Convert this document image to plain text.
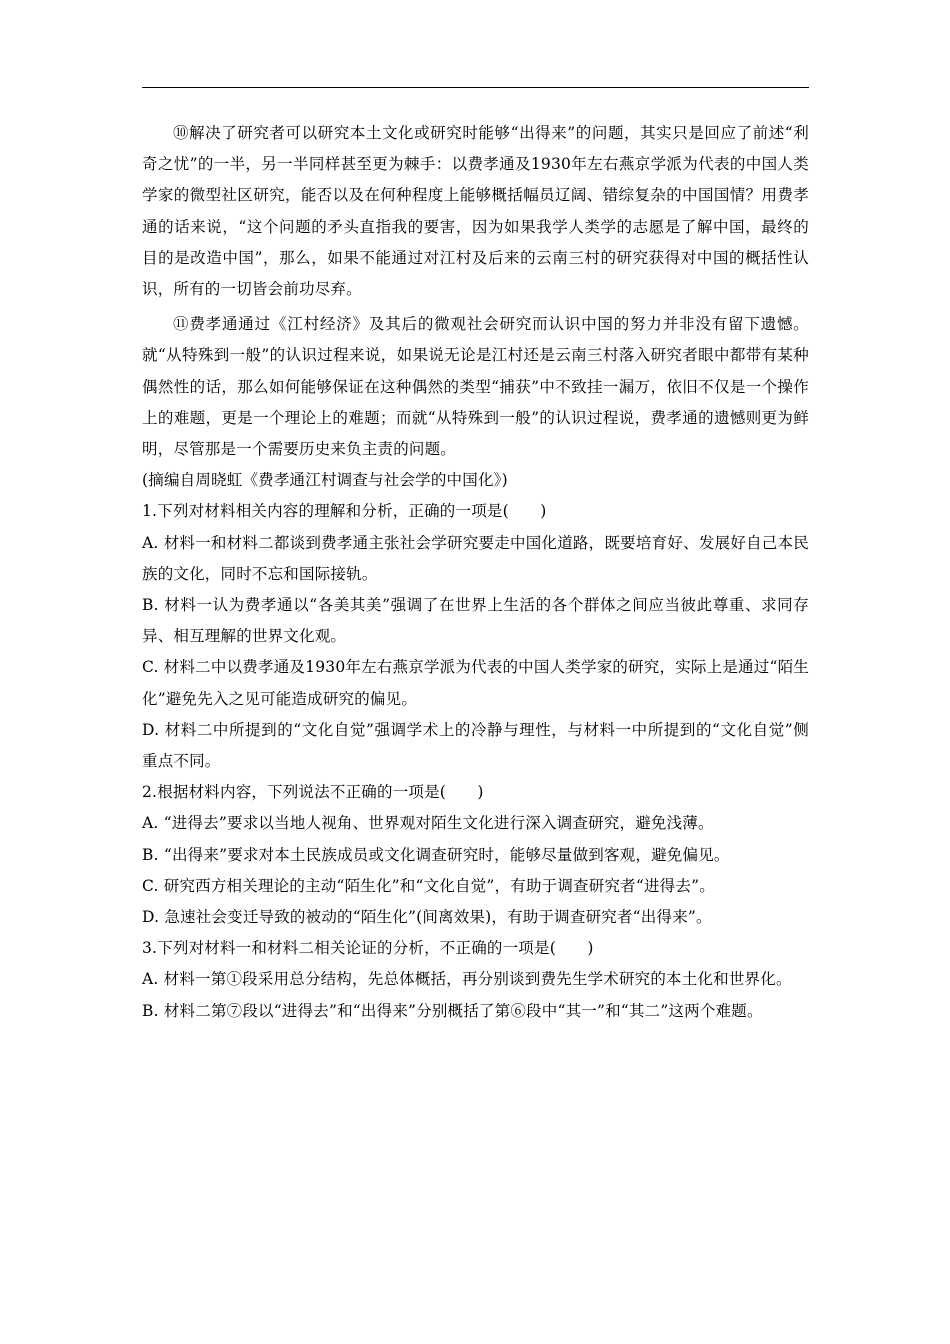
⑩解决了研究者可以研究本土文化或研究时能够“出得来”的问题，其实只是回应了前述“利奇之忧”的一半，另一半同样甚至更为棘手：以费孝通及1930年左右燕京学派为代表的中国人类学家的微型社区研究，能否以及在何种程度上能够概括幅员辽阔、错综复杂的中国国情？用费孝通的话来说，“这个问题的矛头直指我的要害，因为如果我学人类学的志愿是了解中国，最终的目的是改造中国”，那么，如果不能通过对江村及后来的云南三村的研究获得对中国的概括性认识，所有的一切皆会前功尽弃。

⑪费孝通通过《江村经济》及其后的微观社会研究而认识中国的努力并非没有留下遗憾。就“从特殊到一般”的认识过程来说，如果说无论是江村还是云南三村落入研究者眼中都带有某种偶然性的话，那么如何能够保证在这种偶然的类型“捕获”中不致挂一漏万，依旧不仅是一个操作上的难题，更是一个理论上的难题；而就“从特殊到一般”的认识过程说，费孝通的遗憾则更为鲜明，尽管那是一个需要历史来负主责的问题。

(摘编自周晓虹《费孝通江村调查与社会学的中国化》)

1.下列对材料相关内容的理解和分析，正确的一项是(　　)

A. 材料一和材料二都谈到费孝通主张社会学研究要走中国化道路，既要培育好、发展好自己本民族的文化，同时不忘和国际接轨。

B. 材料一认为费孝通以“各美其美”强调了在世界上生活的各个群体之间应当彼此尊重、求同存异、相互理解的世界文化观。

C. 材料二中以费孝通及1930年左右燕京学派为代表的中国人类学家的研究，实际上是通过“陌生化”避免先入之见可能造成研究的偏见。

D. 材料二中所提到的“文化自觉”强调学术上的冷静与理性，与材料一中所提到的“文化自觉”侧重点不同。

2.根据材料内容，下列说法不正确的一项是(　　)

A. “进得去”要求以当地人视角、世界观对陌生文化进行深入调查研究，避免浅薄。

B. “出得来”要求对本土民族成员或文化调查研究时，能够尽量做到客观，避免偏见。

C. 研究西方相关理论的主动“陌生化”和“文化自觉”，有助于调查研究者“进得去”。

D. 急速社会变迁导致的被动的“陌生化”(间离效果)，有助于调查研究者“出得来”。

3.下列对材料一和材料二相关论证的分析，不正确的一项是(　　)

A. 材料一第①段采用总分结构，先总体概括，再分别谈到费先生学术研究的本土化和世界化。

B. 材料二第⑦段以“进得去”和“出得来”分别概括了第⑥段中“其一”和“其二”这两个难题。
